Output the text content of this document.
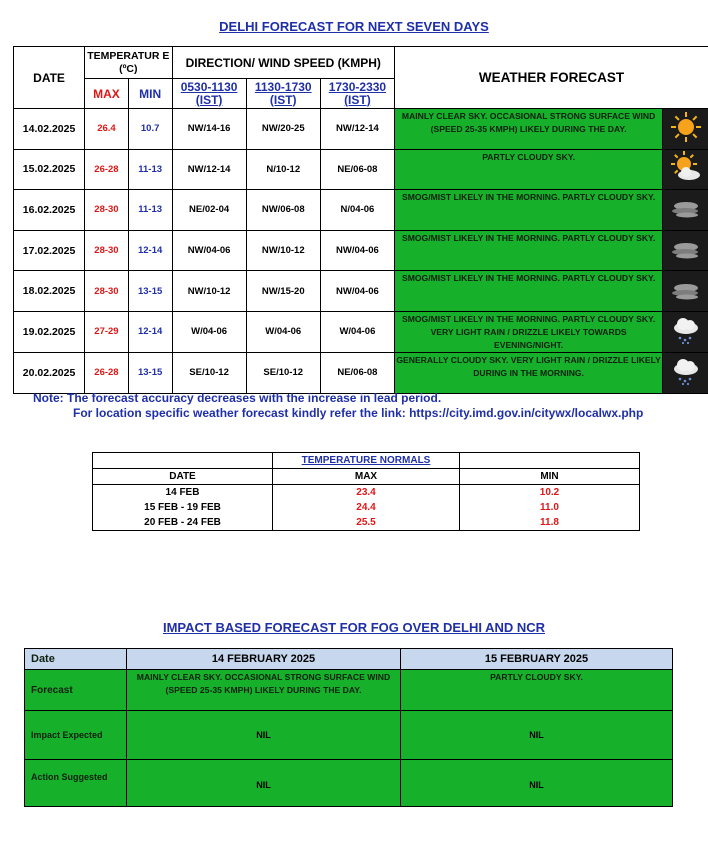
DELHI FORECAST FOR NEXT SEVEN DAYS
DATE	TEMPERATUR E (ºC)		DIRECTION/ WIND SPEED (KMPH)			WEATHER FORECAST	
	MAX	MIN	0530-1130 (IST)	1130-1730 (IST)	1730-2330 (IST)		

14.02.2025	26.4	10.7	NW/14-16	NW/20-25	NW/12-14	MAINLY CLEAR SKY. OCCASIONAL STRONG SURFACE WIND (SPEED 25-35 KMPH) LIKELY DURING THE DAY.	
15.02.2025	26-28	11-13	NW/12-14	N/10-12	NE/06-08	PARTLY CLOUDY SKY.	
16.02.2025	28-30	11-13	NE/02-04	NW/06-08	N/04-06	SMOG/MIST LIKELY IN THE MORNING. PARTLY CLOUDY SKY.	
17.02.2025	28-30	12-14	NW/04-06	NW/10-12	NW/04-06	SMOG/MIST LIKELY IN THE MORNING. PARTLY CLOUDY SKY.	
18.02.2025	28-30	13-15	NW/10-12	NW/15-20	NW/04-06	SMOG/MIST LIKELY IN THE MORNING. PARTLY CLOUDY SKY.	
19.02.2025	27-29	12-14	W/04-06	W/04-06	W/04-06	SMOG/MIST LIKELY IN THE MORNING. PARTLY CLOUDY SKY. VERY LIGHT RAIN / DRIZZLE LIKELY TOWARDS EVENING/NIGHT.	
20.02.2025	26-28	13-15	SE/10-12	SE/10-12	NE/06-08	GENERALLY CLOUDY SKY. VERY LIGHT RAIN / DRIZZLE LIKELY DURING IN THE MORNING.	
Note: The forecast accuracy decreases with the increase in lead period.
For location specific weather forecast kindly refer the link: https://city.imd.gov.in/citywx/localwx.php
	TEMPERATURE NORMALS	
DATE	MAX	MIN
14 FEB	23.4	10.2
15 FEB - 19 FEB	24.4	11.0
20 FEB - 24 FEB	25.5	11.8
IMPACT BASED FORECAST FOR FOG OVER DELHI AND NCR
Date	14 FEBRUARY 2025	15 FEBRUARY 2025
Forecast	MAINLY CLEAR SKY. OCCASIONAL STRONG SURFACE WIND (SPEED 25-35 KMPH) LIKELY DURING THE DAY.	PARTLY CLOUDY SKY.
Impact Expected	NIL	NIL
Action Suggested	NIL	NIL
